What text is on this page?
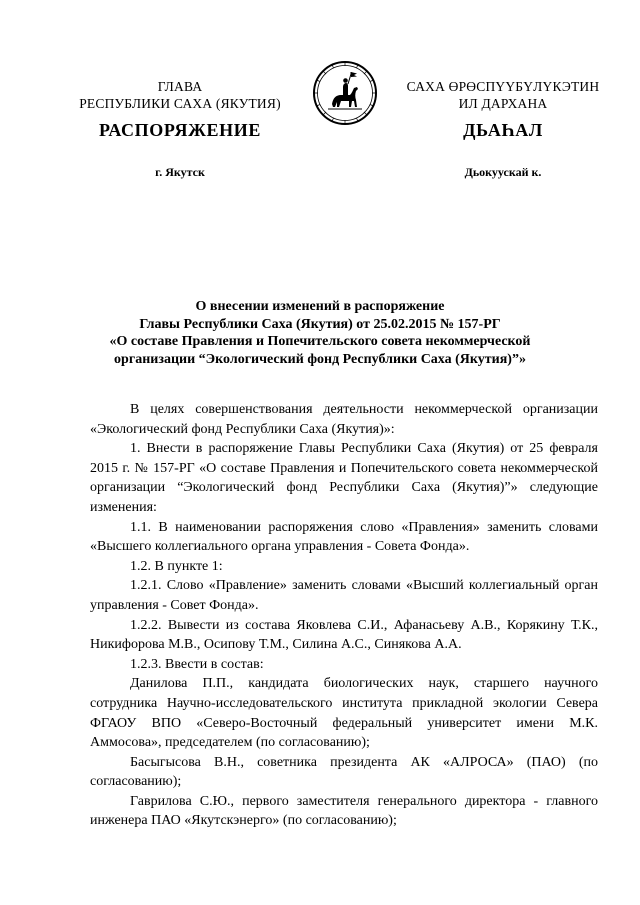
ГЛАВА
РЕСПУБЛИКИ САХА (ЯКУТИЯ)
САХА ӨРӨСПҮҮБҮЛҮКЭТИН
ИЛ ДАРХАНА
РАСПОРЯЖЕНИЕ	ДЬАҺАЛ
г. Якутск	Дьокуускай к.
О внесении изменений в распоряжение
Главы Республики Саха (Якутия) от 25.02.2015 № 157-РГ
«О составе Правления и Попечительского совета некоммерческой
организации “Экологический фонд Республики Саха (Якутия)”»

В целях совершенствования деятельности некоммерческой организации «Экологический фонд Республики Саха (Якутия)»:

1. Внести в распоряжение Главы Республики Саха (Якутия) от 25 февраля 2015 г. № 157-РГ «О составе Правления и Попечительского совета некоммерческой организации “Экологический фонд Республики Саха (Якутия)”» следующие изменения:

1.1. В наименовании распоряжения слово «Правления» заменить словами «Высшего коллегиального органа управления - Совета Фонда».

1.2. В пункте 1:

1.2.1. Слово «Правление» заменить словами «Высший коллегиальный орган управления - Совет Фонда».

1.2.2. Вывести из состава Яковлева С.И., Афанасьеву А.В., Корякину Т.К., Никифорова М.В., Осипову Т.М., Силина А.С., Синякова А.А.

1.2.3. Ввести в состав:

Данилова П.П., кандидата биологических наук, старшего научного сотрудника Научно-исследовательского института прикладной экологии Севера ФГАОУ ВПО «Северо-Восточный федеральный университет имени М.К. Аммосова», председателем (по согласованию);

Басыгысова В.Н., советника президента АК «АЛРОСА» (ПАО) (по согласованию);

Гаврилова С.Ю., первого заместителя генерального директора - главного инженера ПАО «Якутскэнерго» (по согласованию);
